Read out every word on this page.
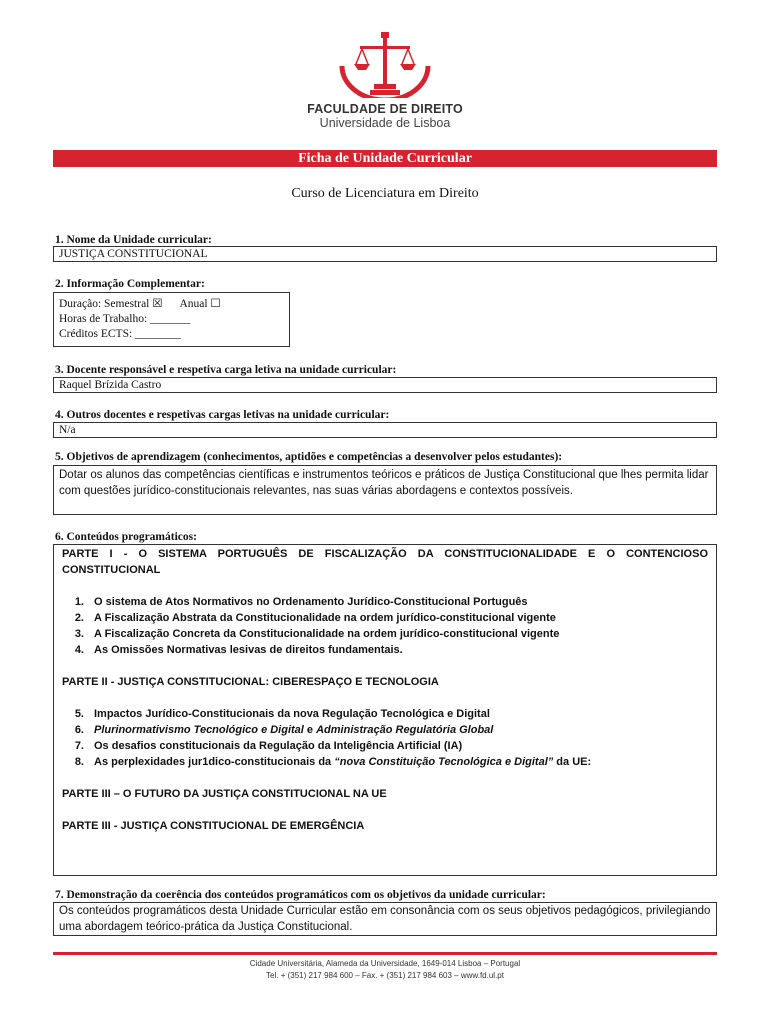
FACULDADE DE DIREITO
Universidade de Lisboa
Ficha de Unidade Curricular
Curso de Licenciatura em Direito
1. Nome da Unidade curricular:
JUSTIÇA CONSTITUCIONAL
2. Informação Complementar:
Duração: Semestral ☒ Anual ☐
Horas de Trabalho: _______
Créditos ECTS: ________
3. Docente responsável e respetiva carga letiva na unidade curricular:
Raquel Brízida Castro
4. Outros docentes e respetivas cargas letivas na unidade curricular:
N/a
5. Objetivos de aprendizagem (conhecimentos, aptidões e competências a desenvolver pelos estudantes):
Dotar os alunos das competências científicas e instrumentos teóricos e práticos de Justiça Constitucional que lhes permita lidar com questões jurídico-constitucionais relevantes, nas suas várias abordagens e contextos possíveis.
6. Conteúdos programáticos:

PARTE I - O SISTEMA PORTUGUÊS DE FISCALIZAÇÃO DA CONSTITUCIONALIDADE E O CONTENCIOSO CONSTITUCIONAL

1. O sistema de Atos Normativos no Ordenamento Jurídico-Constitucional Português
2. A Fiscalização Abstrata da Constitucionalidade na ordem jurídico-constitucional vigente
3. A Fiscalização Concreta da Constitucionalidade na ordem jurídico-constitucional vigente
4. As Omissões Normativas lesivas de direitos fundamentais.

PARTE II - JUSTIÇA CONSTITUCIONAL: CIBERESPAÇO E TECNOLOGIA

5. Impactos Jurídico-Constitucionais da nova Regulação Tecnológica e Digital
6. Plurinormativismo Tecnológico e Digital e Administração Regulatória Global
7. Os desafios constitucionais da Regulação da Inteligência Artificial (IA)
8. As perplexidades jur1dico-constitucionais da “nova Constituição Tecnológica e Digital” da UE:

PARTE III – O FUTURO DA JUSTIÇA CONSTITUCIONAL NA UE

PARTE III - JUSTIÇA CONSTITUCIONAL DE EMERGÊNCIA

7. Demonstração da coerência dos conteúdos programáticos com os objetivos da unidade curricular:
Os conteúdos programáticos desta Unidade Curricular estão em consonância com os seus objetivos pedagógicos, privilegiando uma abordagem teórico-prática da Justiça Constitucional.
Cidade Universitária, Alameda da Universidade, 1649-014 Lisboa – Portugal
Tel. + (351) 217 984 600 – Fax. + (351) 217 984 603 – www.fd.ul.pt
